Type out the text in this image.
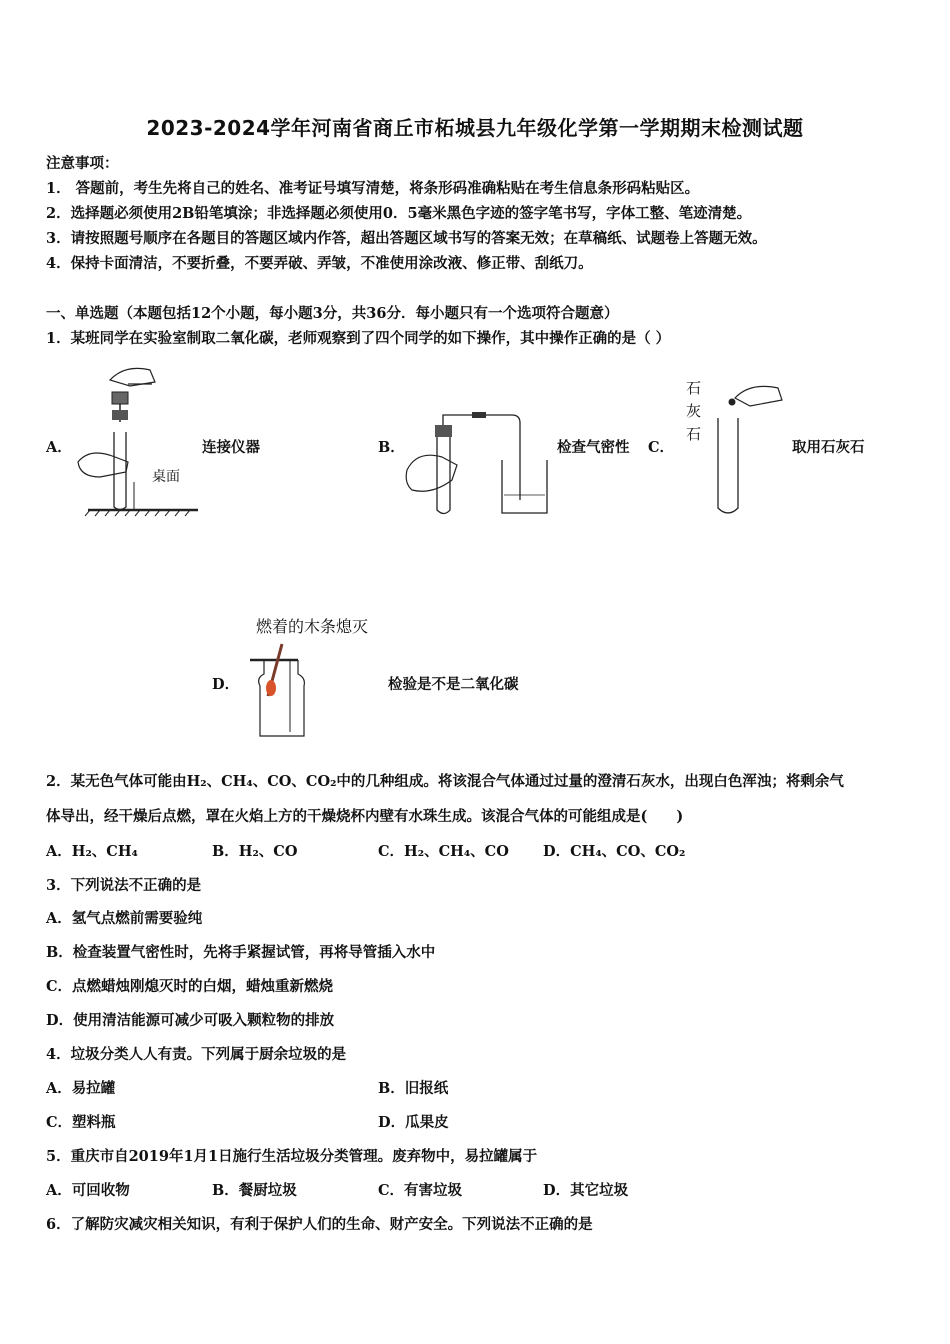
2023-2024学年河南省商丘市柘城县九年级化学第一学期期末检测试题
注意事项：
1． 答题前，考生先将自己的姓名、准考证号填写清楚，将条形码准确粘贴在考生信息条形码粘贴区。
2．选择题必须使用2B铅笔填涂；非选择题必须使用0．5毫米黑色字迹的签字笔书写，字体工整、笔迹清楚。
3．请按照题号顺序在各题目的答题区域内作答，超出答题区域书写的答案无效；在草稿纸、试题卷上答题无效。
4．保持卡面清洁，不要折叠，不要弄破、弄皱，不准使用涂改液、修正带、刮纸刀。
一、单选题（本题包括12个小题，每小题3分，共36分．每小题只有一个选项符合题意）
1．某班同学在实验室制取二氧化碳，老师观察到了四个同学的如下操作，其中操作正确的是（ ）
A．
桌面
连接仪器	B．	检查气密性 C．
石
灰
石
取用石灰石
燃着的木条熄灭
D．	检验是不是二氧化碳
2．某无色气体可能由H₂、CH₄、CO、CO₂中的几种组成。将该混合气体通过过量的澄清石灰水，出现白色浑浊；将剩余气
体导出，经干燥后点燃，罩在火焰上方的干燥烧杯内壁有水珠生成。该混合气体的可能组成是(　　)
A．H₂、CH₄	B．H₂、CO	C．H₂、CH₄、CO D．CH₄、CO、CO₂
3．下列说法不正确的是
A．氢气点燃前需要验纯
B．检查装置气密性时，先将手紧握试管，再将导管插入水中
C．点燃蜡烛刚熄灭时的白烟，蜡烛重新燃烧
D．使用清洁能源可减少可吸入颗粒物的排放
4．垃圾分类人人有责。下列属于厨余垃圾的是
A．易拉罐	B．旧报纸
C．塑料瓶	D．瓜果皮
5．重庆市自2019年1月1日施行生活垃圾分类管理。废弃物中，易拉罐属于
A．可回收物	B．餐厨垃圾	C．有害垃圾	D．其它垃圾
6．了解防灾减灾相关知识，有利于保护人们的生命、财产安全。下列说法不正确的是
